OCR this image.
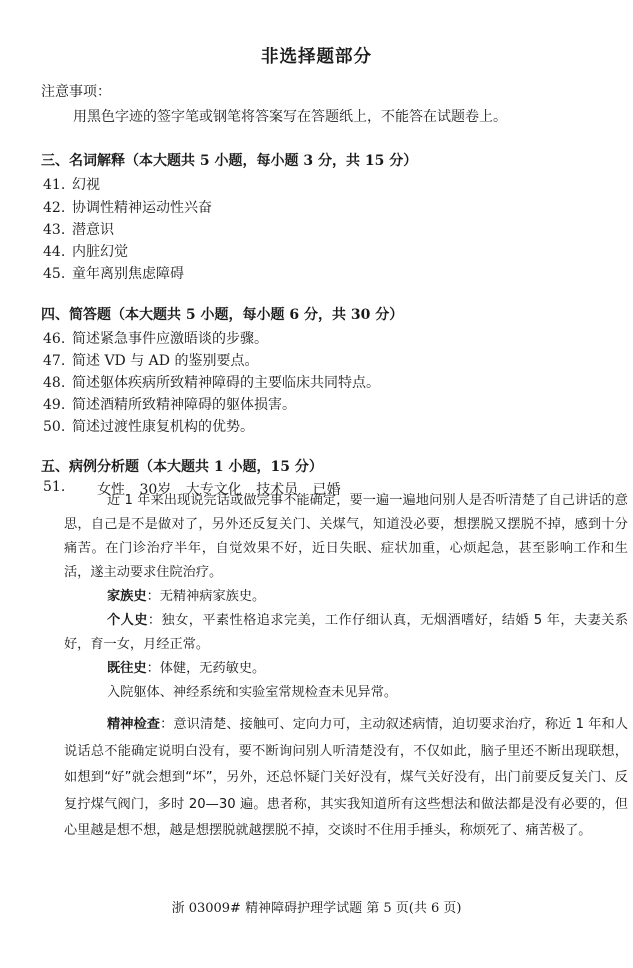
非选择题部分
注意事项：
用黑色字迹的签字笔或钢笔将答案写在答题纸上，不能答在试题卷上。
三、名词解释（本大题共 5 小题，每小题 3 分，共 15 分）
41. 幻视
42. 协调性精神运动性兴奋
43. 潜意识
44. 内脏幻觉
45. 童年离别焦虑障碍
四、简答题（本大题共 5 小题，每小题 6 分，共 30 分）
46. 简述紧急事件应激晤谈的步骤。
47. 简述 VD 与 AD 的鉴别要点。
48. 简述躯体疾病所致精神障碍的主要临床共同特点。
49. 简述酒精所致精神障碍的躯体损害。
50. 简述过渡性康复机构的优势。
五、病例分析题（本大题共 1 小题，15 分）
51. 女性 30岁 大专文化 技术员 已婚
近 1 年来出现说完话或做完事不能确定，要一遍一遍地问别人是否听清楚了自己讲话的意思，自己是不是做对了，另外还反复关门、关煤气，知道没必要，想摆脱又摆脱不掉，感到十分痛苦。在门诊治疗半年，自觉效果不好，近日失眠、症状加重，心烦起急，甚至影响工作和生活，遂主动要求住院治疗。
家族史：无精神病家族史。
个人史：独女，平素性格追求完美，工作仔细认真，无烟酒嗜好，结婚 5 年，夫妻关系好，育一女，月经正常。
既往史：体健，无药敏史。
入院躯体、神经系统和实验室常规检查未见异常。
精神检查：意识清楚、接触可、定向力可，主动叙述病情，迫切要求治疗，称近 1 年和人说话总不能确定说明白没有，要不断询问别人听清楚没有，不仅如此，脑子里还不断出现联想，如想到“好”就会想到“坏”，另外，还总怀疑门关好没有，煤气关好没有，出门前要反复关门、反复拧煤气阀门，多时 20—30 遍。患者称，其实我知道所有这些想法和做法都是没有必要的，但心里越是想不想，越是想摆脱就越摆脱不掉，交谈时不住用手捶头，称烦死了、痛苦极了。
浙 03009# 精神障碍护理学试题 第 5 页(共 6 页)
